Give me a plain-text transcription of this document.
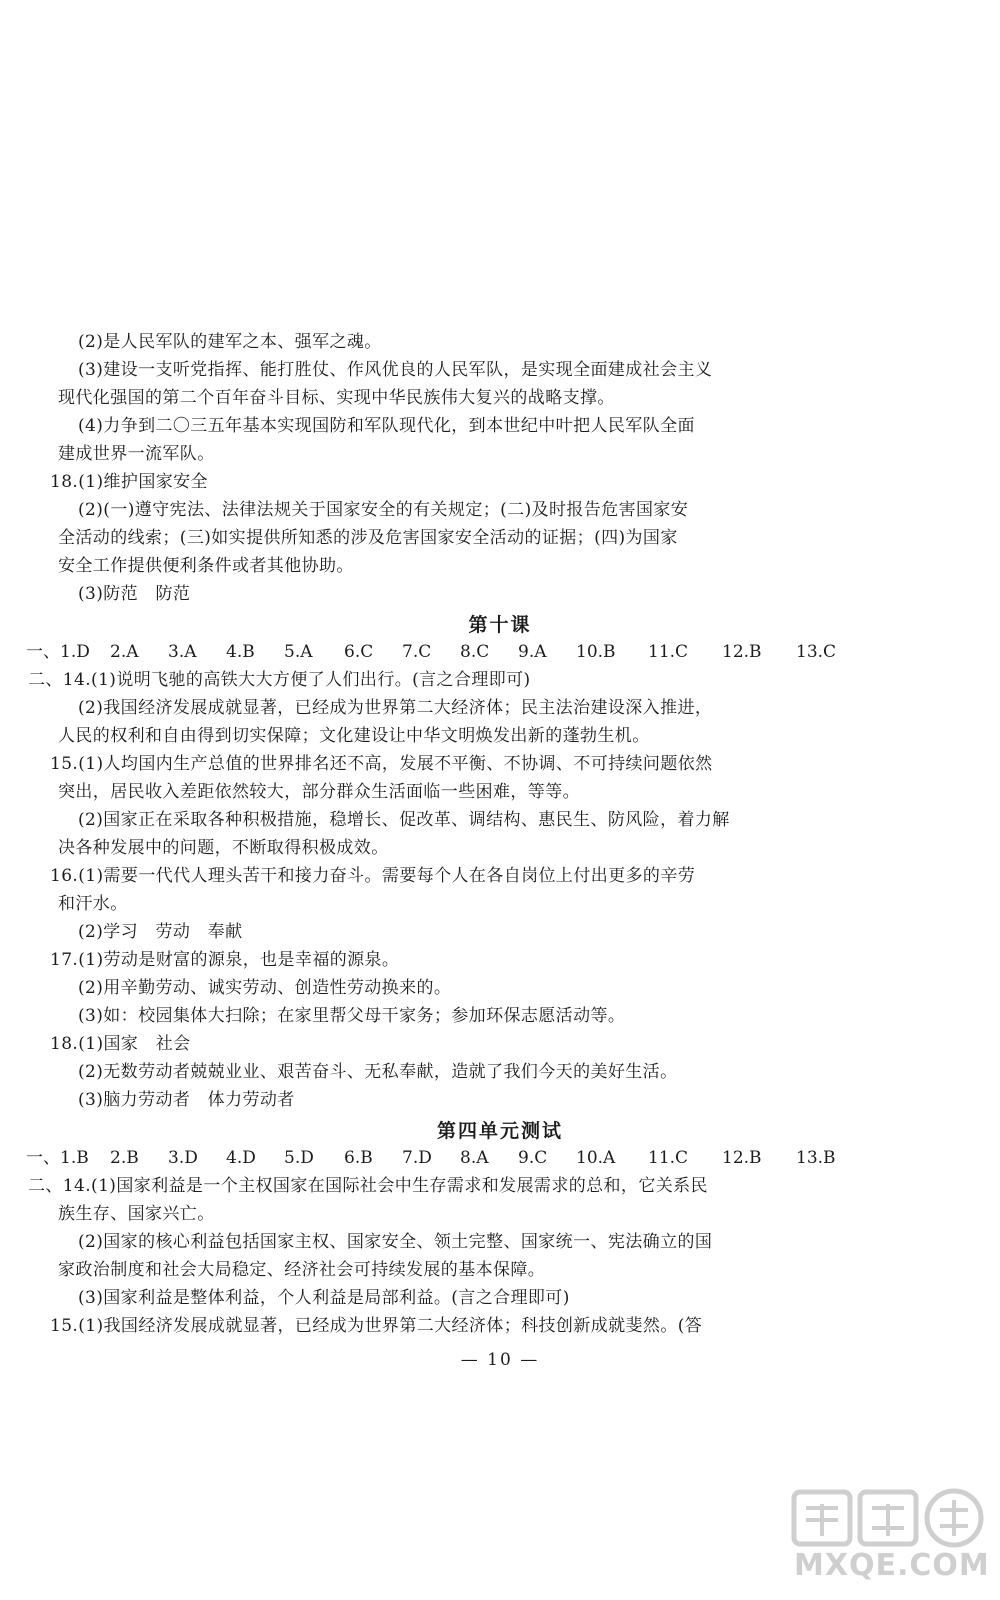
(2)是人民军队的建军之本、强军之魂。

(3)建设一支听党指挥、能打胜仗、作风优良的人民军队，是实现全面建成社会主义

现代化强国的第二个百年奋斗目标、实现中华民族伟大复兴的战略支撑。

(4)力争到二〇三五年基本实现国防和军队现代化，到本世纪中叶把人民军队全面

建成世界一流军队。

18.(1)维护国家安全

(2)(一)遵守宪法、法律法规关于国家安全的有关规定；(二)及时报告危害国家安

全活动的线索；(三)如实提供所知悉的涉及危害国家安全活动的证据；(四)为国家

安全工作提供便利条件或者其他协助。

(3)防范　防范

第十课
一、1.D 2.A 3.A 4.B 5.A 6.C 7.C 8.C 9.A 10.B 11.C 12.B 13.C

二、14.(1)说明飞驰的高铁大大方便了人们出行。(言之合理即可)

(2)我国经济发展成就显著，已经成为世界第二大经济体；民主法治建设深入推进，

人民的权利和自由得到切实保障；文化建设让中华文明焕发出新的蓬勃生机。

15.(1)人均国内生产总值的世界排名还不高，发展不平衡、不协调、不可持续问题依然

突出，居民收入差距依然较大，部分群众生活面临一些困难，等等。

(2)国家正在采取各种积极措施，稳增长、促改革、调结构、惠民生、防风险，着力解

决各种发展中的问题，不断取得积极成效。

16.(1)需要一代代人理头苦干和接力奋斗。需要每个人在各自岗位上付出更多的辛劳

和汗水。

(2)学习　劳动　奉献

17.(1)劳动是财富的源泉，也是幸福的源泉。

(2)用辛勤劳动、诚实劳动、创造性劳动换来的。

(3)如：校园集体大扫除；在家里帮父母干家务；参加环保志愿活动等。

18.(1)国家　社会

(2)无数劳动者兢兢业业、艰苦奋斗、无私奉献，造就了我们今天的美好生活。

(3)脑力劳动者　体力劳动者

第四单元测试
一、1.B 2.B 3.D 4.D 5.D 6.B 7.D 8.A 9.C 10.A 11.C 12.B 13.B

二、14.(1)国家利益是一个主权国家在国际社会中生存需求和发展需求的总和，它关系民

族生存、国家兴亡。

(2)国家的核心利益包括国家主权、国家安全、领土完整、国家统一、宪法确立的国

家政治制度和社会大局稳定、经济社会可持续发展的基本保障。

(3)国家利益是整体利益，个人利益是局部利益。(言之合理即可)

15.(1)我国经济发展成就显著，已经成为世界第二大经济体；科技创新成就斐然。(答

— 10 —

MXQE.COM
